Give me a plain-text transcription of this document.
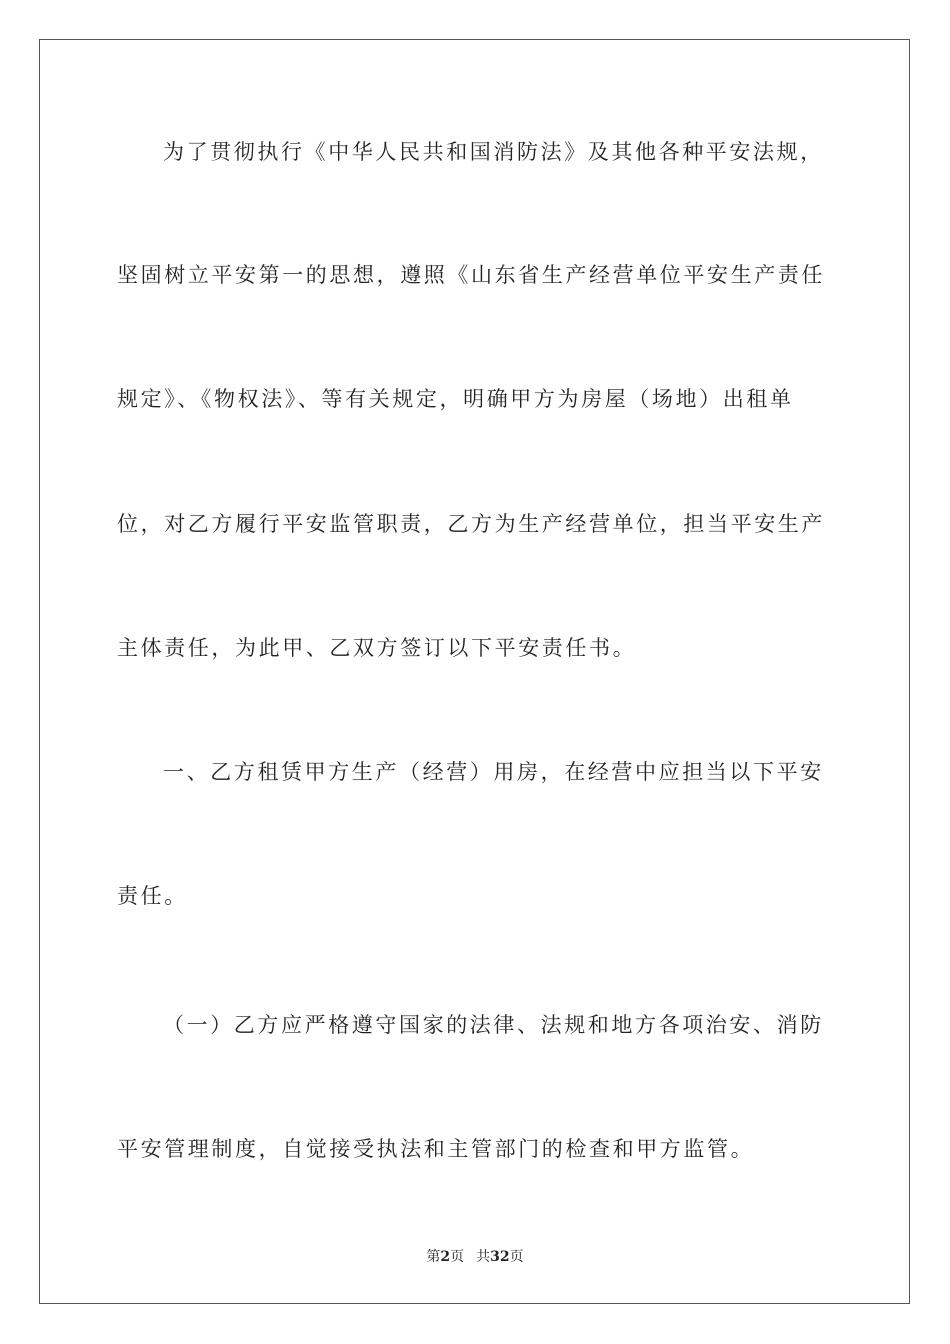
为了贯彻执行《中华人民共和国消防法》及其他各种平安法规，
坚固树立平安第一的思想，遵照《山东省生产经营单位平安生产责任
规定》、《物权法》、等有关规定，明确甲方为房屋（场地）出租单
位，对乙方履行平安监管职责，乙方为生产经营单位，担当平安生产
主体责任，为此甲、乙双方签订以下平安责任书。
一、乙方租赁甲方生产（经营）用房，在经营中应担当以下平安
责任。
（一）乙方应严格遵守国家的法律、法规和地方各项治安、消防
平安管理制度，自觉接受执法和主管部门的检查和甲方监管。
第2页 共32页
